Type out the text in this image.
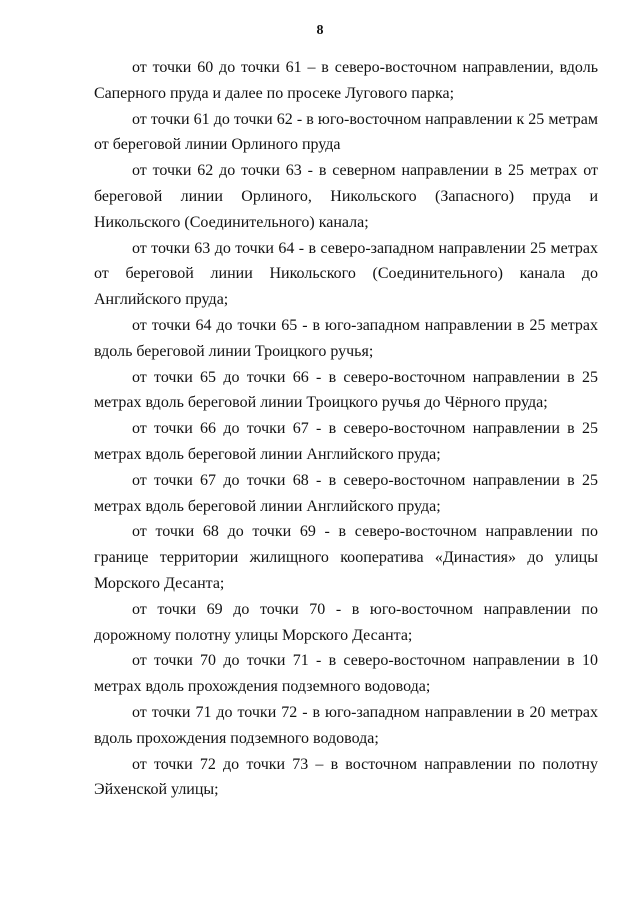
8

от точки 60 до точки 61 – в северо-восточном направлении, вдоль Саперного пруда и далее по просеке Лугового парка;

от точки 61 до точки 62 - в юго-восточном направлении к 25 метрам от береговой линии Орлиного пруда

от точки 62 до точки 63 - в северном направлении в 25 метрах от береговой линии Орлиного, Никольского (Запасного) пруда и Никольского (Соединительного) канала;

от точки 63 до точки 64 - в северо-западном направлении 25 метрах от береговой линии Никольского (Соединительного) канала до Английского пруда;

от точки 64 до точки 65 - в юго-западном направлении в 25 метрах вдоль береговой линии Троицкого ручья;

от точки 65 до точки 66 - в северо-восточном направлении в 25 метрах вдоль береговой линии Троицкого ручья до Чёрного пруда;

от точки 66 до точки 67 - в северо-восточном направлении в 25 метрах вдоль береговой линии Английского пруда;

от точки 67 до точки 68 - в северо-восточном направлении в 25 метрах вдоль береговой линии Английского пруда;

от точки 68 до точки 69 - в северо-восточном направлении по границе территории жилищного кооператива «Династия» до улицы Морского Десанта;

от точки 69 до точки 70 - в юго-восточном направлении по дорожному полотну улицы Морского Десанта;

от точки 70 до точки 71 - в северо-восточном направлении в 10 метрах вдоль прохождения подземного водовода;

от точки 71 до точки 72 - в юго-западном направлении в 20 метрах вдоль прохождения подземного водовода;

от точки 72 до точки 73 – в восточном направлении по полотну Эйхенской улицы;
